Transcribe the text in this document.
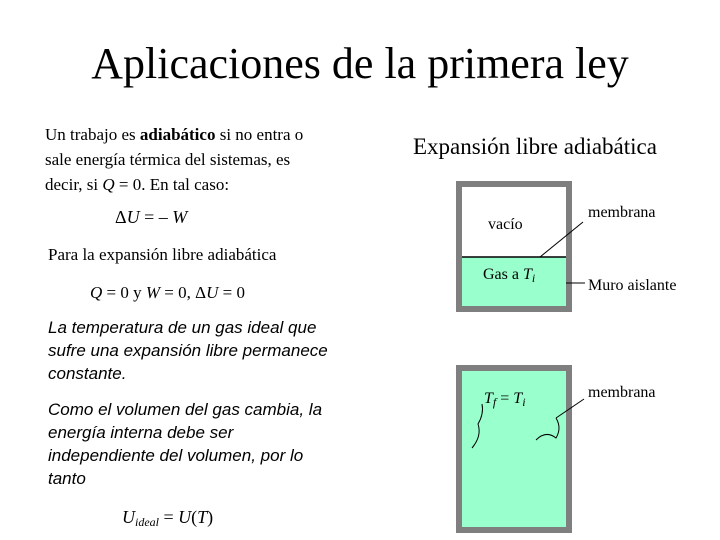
Aplicaciones de la primera ley
Un trabajo es adiabático si no entra o
sale energía térmica del sistemas, es
decir, si Q = 0. En tal caso:
ΔU = – W
Para la expansión libre adiabática
Q = 0 y W = 0, ΔU = 0
La temperatura de un gas ideal que
sufre una expansión libre permanece
constante.
Como el volumen del gas cambia, la
energía interna debe ser
independiente del volumen, por lo
tanto
$U_{ideal} = U(T)$
Expansión libre adiabática
vacío
Gas a $T_i$
membrana
Muro aislante
$T_f = T_i$
membrana
